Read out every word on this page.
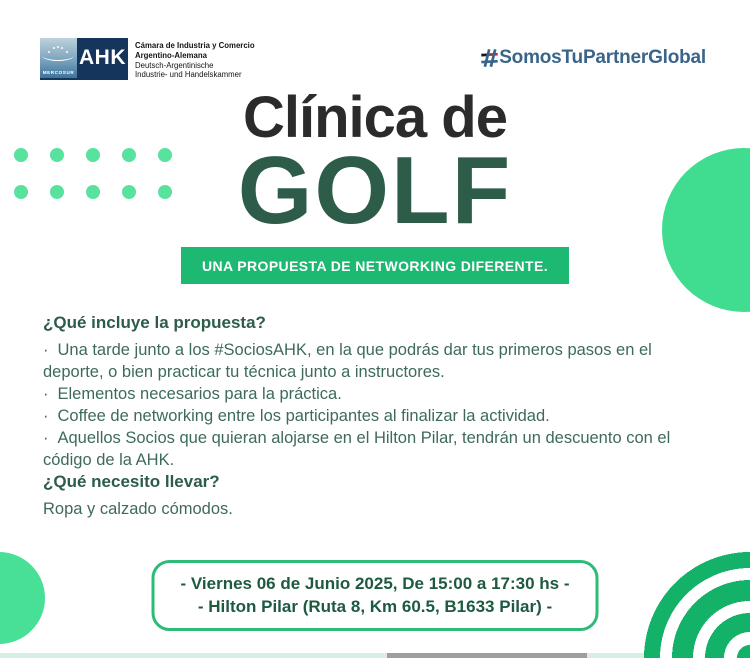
MERCOSUR
AHK
Cámara de Industria y Comercio
Argentino-Alemana
Deutsch-Argentinische
Industrie- und Handelskammer
SomosTuPartnerGlobal
Clínica de
GOLF
UNA PROPUESTA DE NETWORKING DIFERENTE.
¿Qué incluye la propuesta?

· Una tarde junto a los #SociosAHK, en la que podrás dar tus primeros pasos en el deporte, o bien practicar tu técnica junto a instructores.

· Elementos necesarios para la práctica.

· Coffee de networking entre los participantes al finalizar la actividad.

· Aquellos Socios que quieran alojarse en el Hilton Pilar, tendrán un descuento con el código de la AHK.

¿Qué necesito llevar?

Ropa y calzado cómodos.

- Viernes 06 de Junio 2025, De 15:00 a 17:30 hs -
- Hilton Pilar (Ruta 8, Km 60.5, B1633 Pilar) -
